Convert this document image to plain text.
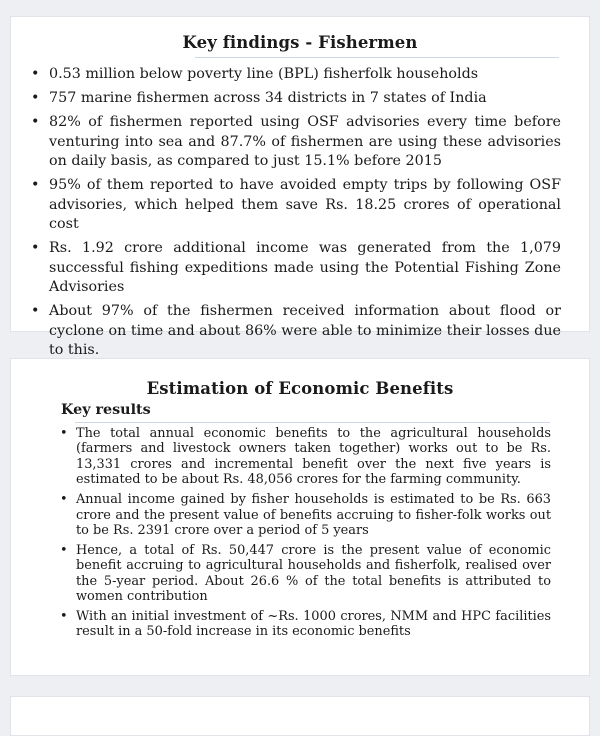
Key findings - Fishermen
• 0.53 million below poverty line (BPL) fisherfolk households
• 757 marine fishermen across 34 districts in 7 states of India
• 82% of fishermen reported using OSF advisories every time before venturing into sea and 87.7% of fishermen are using these advisories on daily basis, as compared to just 15.1% before 2015
• 95% of them reported to have avoided empty trips by following OSF advisories, which helped them save Rs. 18.25 crores of operational cost
• Rs. 1.92 crore additional income was generated from the 1,079 successful fishing expeditions made using the Potential Fishing Zone Advisories
• About 97% of the fishermen received information about flood or cyclone on time and about 86% were able to minimize their losses due to this.
Estimation of Economic Benefits
Key results
• The total annual economic benefits to the agricultural households (farmers and livestock owners taken together) works out to be Rs. 13,331 crores and incremental benefit over the next five years is estimated to be about Rs. 48,056 crores for the farming community.
• Annual income gained by fisher households is estimated to be Rs. 663 crore and the present value of benefits accruing to fisher-folk works out to be Rs. 2391 crore over a period of 5 years
• Hence, a total of Rs. 50,447 crore is the present value of economic benefit accruing to agricultural households and fisherfolk, realised over the 5-year period. About 26.6 % of the total benefits is attributed to women contribution
• With an initial investment of ~Rs. 1000 crores, NMM and HPC facilities result in a 50-fold increase in its economic benefits
